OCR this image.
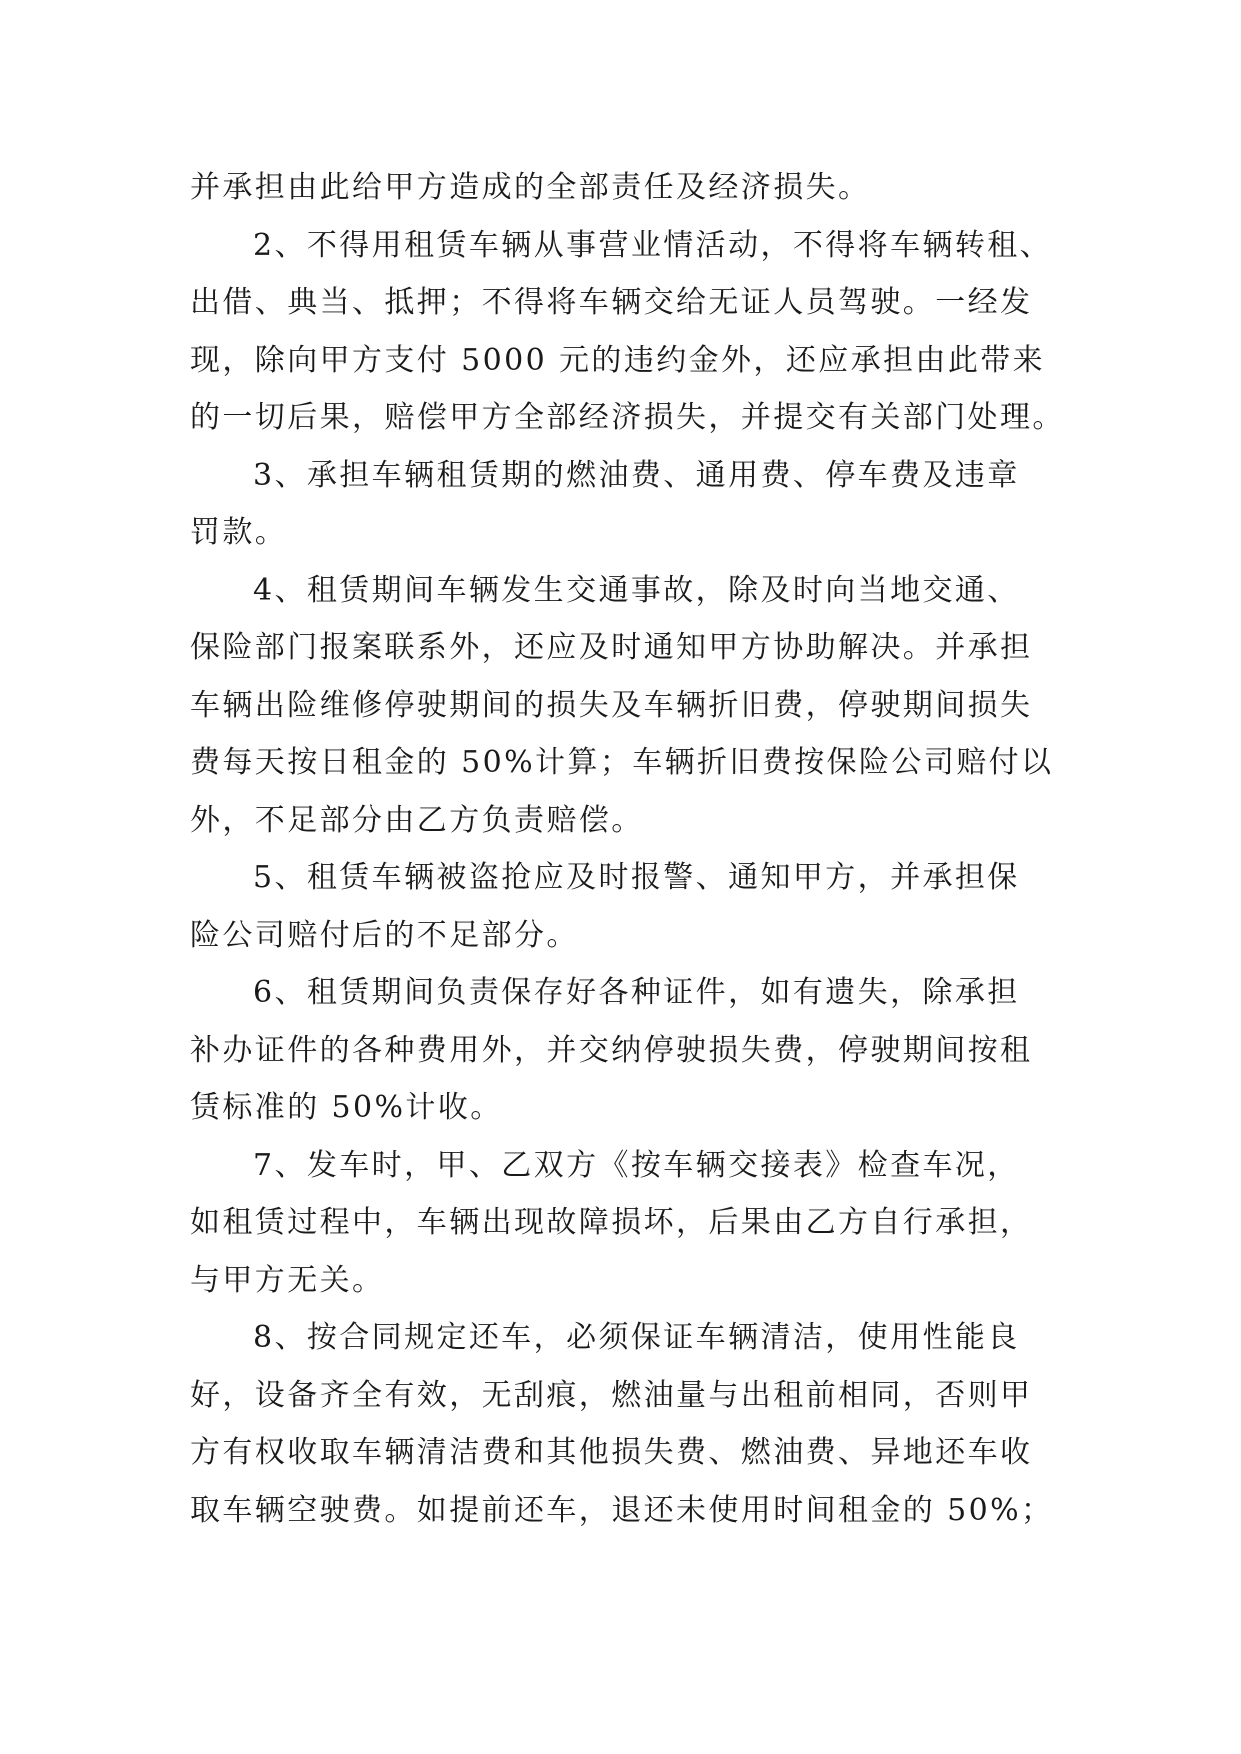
并承担由此给甲方造成的全部责任及经济损失。
2、不得用租赁车辆从事营业情活动，不得将车辆转租、
出借、典当、抵押；不得将车辆交给无证人员驾驶。一经发
现，除向甲方支付 5000 元的违约金外，还应承担由此带来
的一切后果，赔偿甲方全部经济损失，并提交有关部门处理。
3、承担车辆租赁期的燃油费、通用费、停车费及违章
罚款。
4、租赁期间车辆发生交通事故，除及时向当地交通、
保险部门报案联系外，还应及时通知甲方协助解决。并承担
车辆出险维修停驶期间的损失及车辆折旧费，停驶期间损失
费每天按日租金的 50%计算；车辆折旧费按保险公司赔付以
外，不足部分由乙方负责赔偿。
5、租赁车辆被盗抢应及时报警、通知甲方，并承担保
险公司赔付后的不足部分。
6、租赁期间负责保存好各种证件，如有遗失，除承担
补办证件的各种费用外，并交纳停驶损失费，停驶期间按租
赁标准的 50%计收。
7、发车时，甲、乙双方《按车辆交接表》检查车况，
如租赁过程中，车辆出现故障损坏，后果由乙方自行承担，
与甲方无关。
8、按合同规定还车，必须保证车辆清洁，使用性能良
好，设备齐全有效，无刮痕，燃油量与出租前相同，否则甲
方有权收取车辆清洁费和其他损失费、燃油费、异地还车收
取车辆空驶费。如提前还车，退还未使用时间租金的 50%；
